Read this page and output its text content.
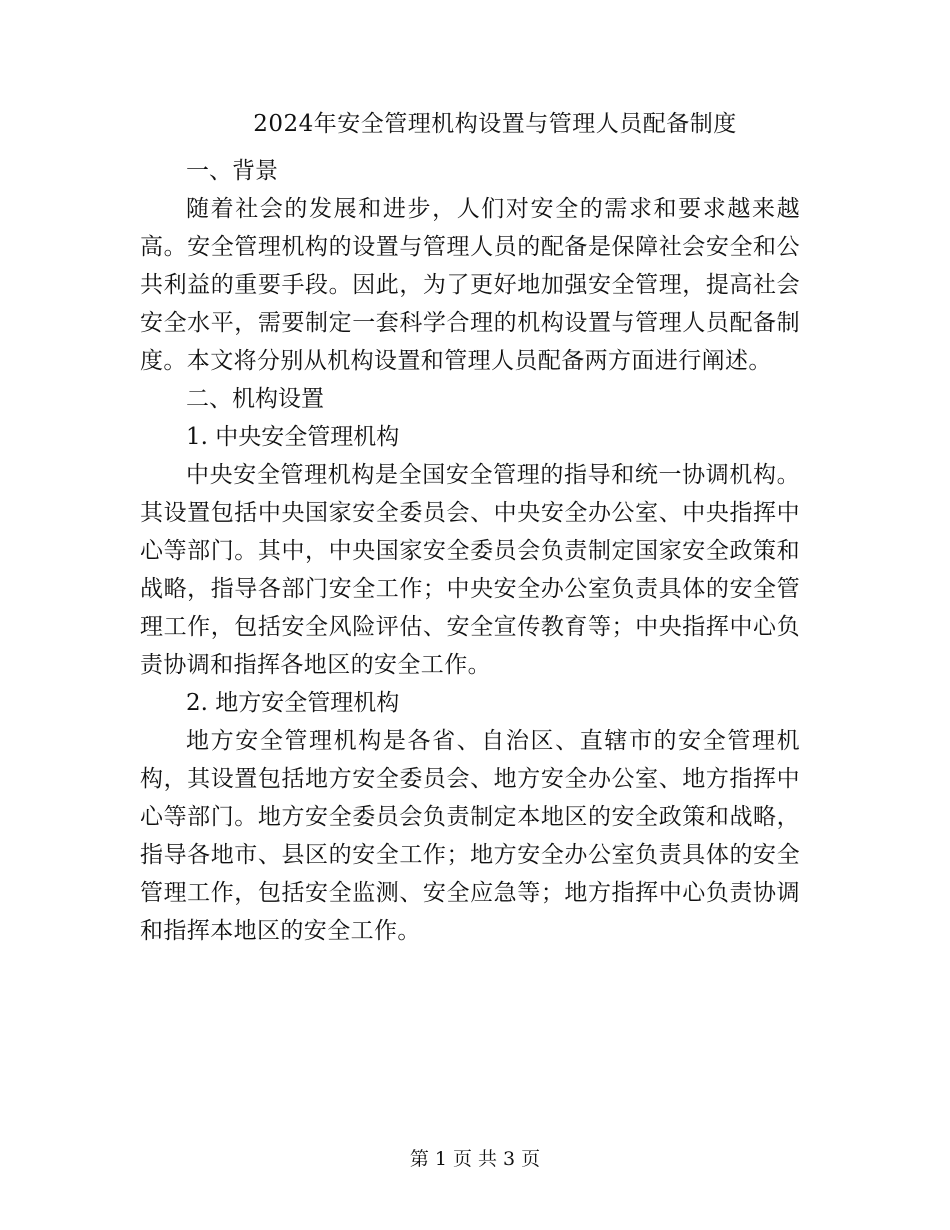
2024年安全管理机构设置与管理人员配备制度

一、背景

随着社会的发展和进步，人们对安全的需求和要求越来越高。安全管理机构的设置与管理人员的配备是保障社会安全和公共利益的重要手段。因此，为了更好地加强安全管理，提高社会安全水平，需要制定一套科学合理的机构设置与管理人员配备制度。本文将分别从机构设置和管理人员配备两方面进行阐述。

二、机构设置

1. 中央安全管理机构

中央安全管理机构是全国安全管理的指导和统一协调机构。其设置包括中央国家安全委员会、中央安全办公室、中央指挥中心等部门。其中，中央国家安全委员会负责制定国家安全政策和战略，指导各部门安全工作；中央安全办公室负责具体的安全管理工作，包括安全风险评估、安全宣传教育等；中央指挥中心负责协调和指挥各地区的安全工作。

2. 地方安全管理机构

地方安全管理机构是各省、自治区、直辖市的安全管理机构，其设置包括地方安全委员会、地方安全办公室、地方指挥中心等部门。地方安全委员会负责制定本地区的安全政策和战略，指导各地市、县区的安全工作；地方安全办公室负责具体的安全管理工作，包括安全监测、安全应急等；地方指挥中心负责协调和指挥本地区的安全工作。

第 1 页 共 3 页
